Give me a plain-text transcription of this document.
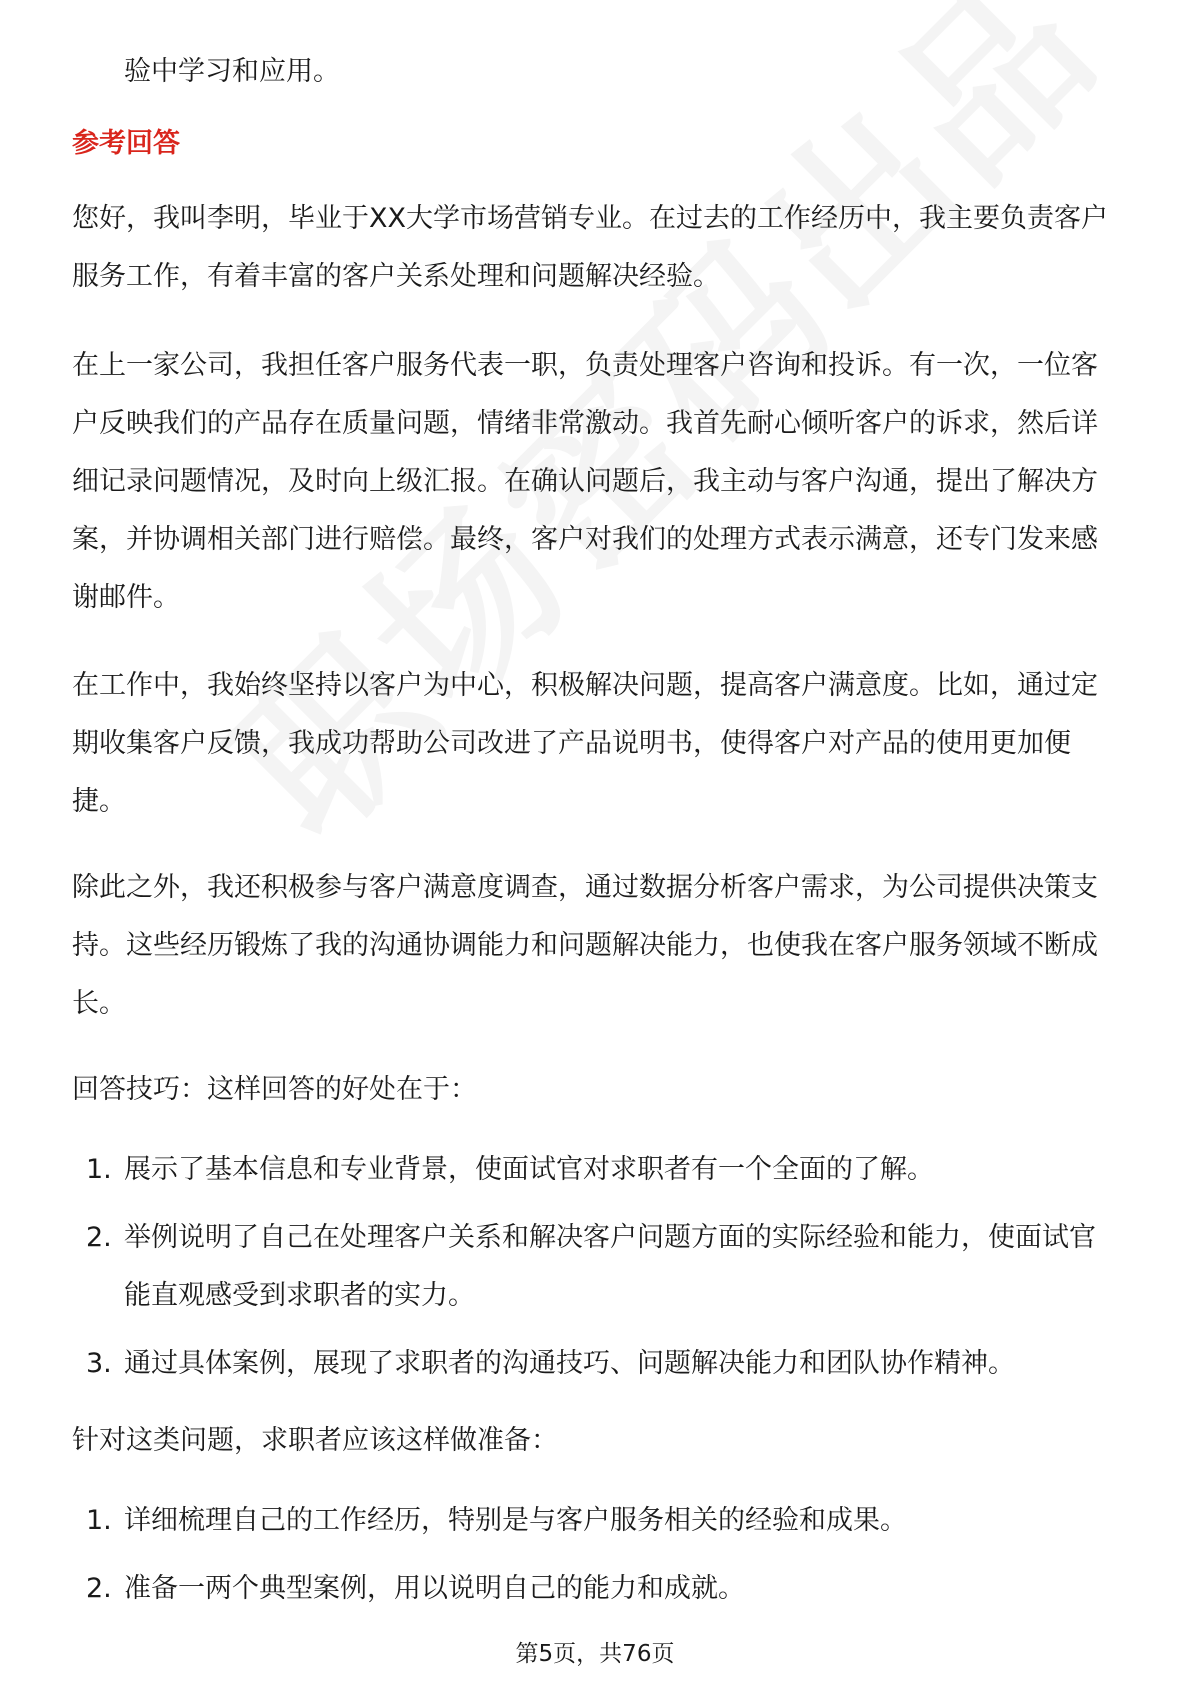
验中学习和应用。

参考回答

您好，我叫李明，毕业于XX大学市场营销专业。在过去的工作经历中，我主要负责客户服务工作，有着丰富的客户关系处理和问题解决经验。

在上一家公司，我担任客户服务代表一职，负责处理客户咨询和投诉。有一次，一位客户反映我们的产品存在质量问题，情绪非常激动。我首先耐心倾听客户的诉求，然后详细记录问题情况，及时向上级汇报。在确认问题后，我主动与客户沟通，提出了解决方案，并协调相关部门进行赔偿。最终，客户对我们的处理方式表示满意，还专门发来感谢邮件。

在工作中，我始终坚持以客户为中心，积极解决问题，提高客户满意度。比如，通过定期收集客户反馈，我成功帮助公司改进了产品说明书，使得客户对产品的使用更加便捷。

除此之外，我还积极参与客户满意度调查，通过数据分析客户需求，为公司提供决策支持。这些经历锻炼了我的沟通协调能力和问题解决能力，也使我在客户服务领域不断成长。

回答技巧：这样回答的好处在于：

1. 展示了基本信息和专业背景，使面试官对求职者有一个全面的了解。
2. 举例说明了自己在处理客户关系和解决客户问题方面的实际经验和能力，使面试官能直观感受到求职者的实力。
3. 通过具体案例，展现了求职者的沟通技巧、问题解决能力和团队协作精神。

针对这类问题，求职者应该这样做准备：

1. 详细梳理自己的工作经历，特别是与客户服务相关的经验和成果。
2. 准备一两个典型案例，用以说明自己的能力和成就。
第5页，共76页
